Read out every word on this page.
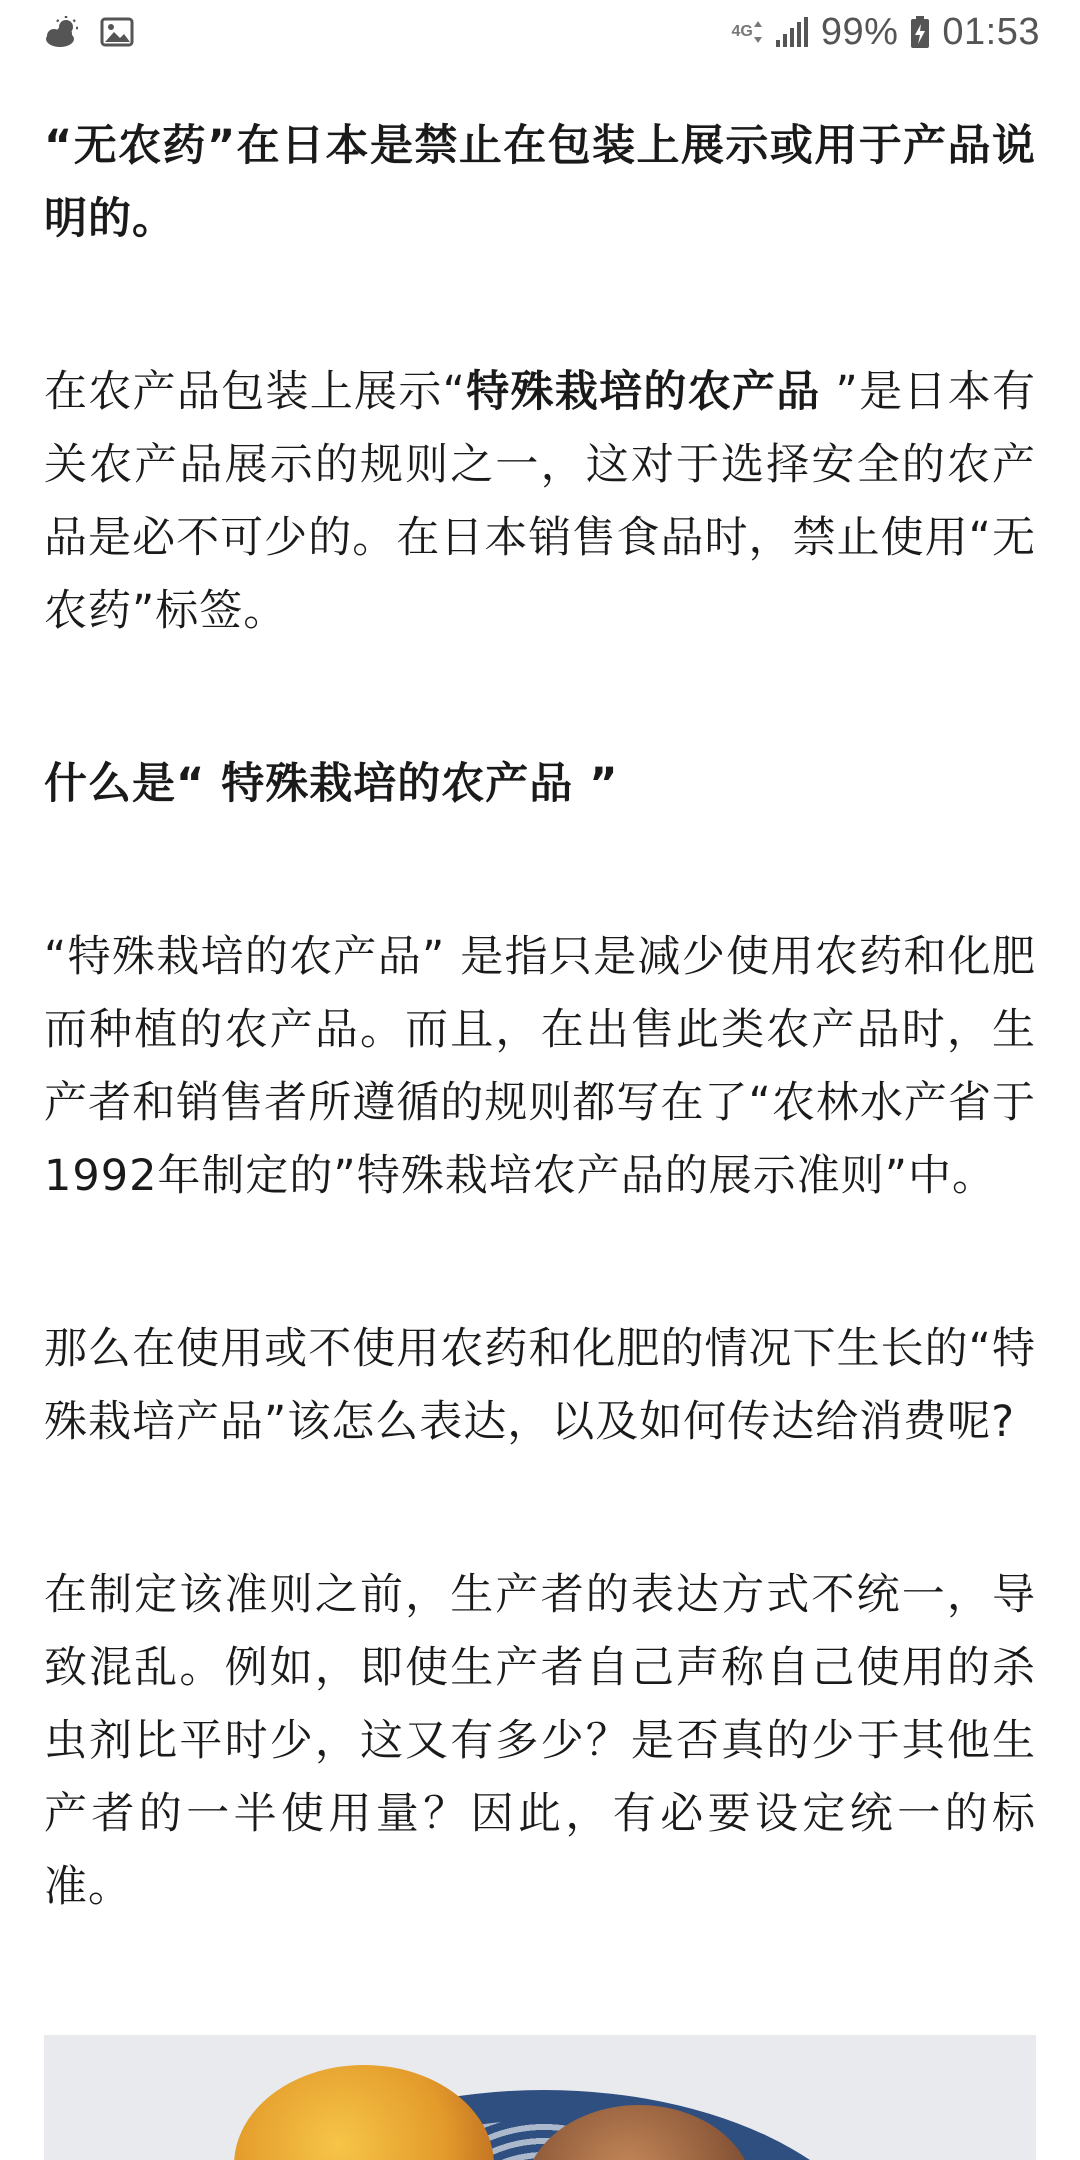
4G 99% 01:53

“无农药”在日本是禁止在包装上展示或用于产品说明的。

在农产品包装上展示“特殊栽培的农产品 ”是日本有关农产品展示的规则之一，这对于选择安全的农产品是必不可少的。在日本销售食品时，禁止使用“无农药”标签。

什么是“ 特殊栽培的农产品 ”

“特殊栽培的农产品” 是指只是减少使用农药和化肥而种植的农产品。而且，在出售此类农产品时，生产者和销售者所遵循的规则都写在了“农林水产省于1992年制定的”特殊栽培农产品的展示准则”中。

那么在使用或不使用农药和化肥的情况下生长的“特殊栽培产品”该怎么表达，以及如何传达给消费呢?

在制定该准则之前，生产者的表达方式不统一，导致混乱。例如，即使生产者自己声称自己使用的杀虫剂比平时少，这又有多少？是否真的少于其他生产者的一半使用量？因此，有必要设定统一的标准。
